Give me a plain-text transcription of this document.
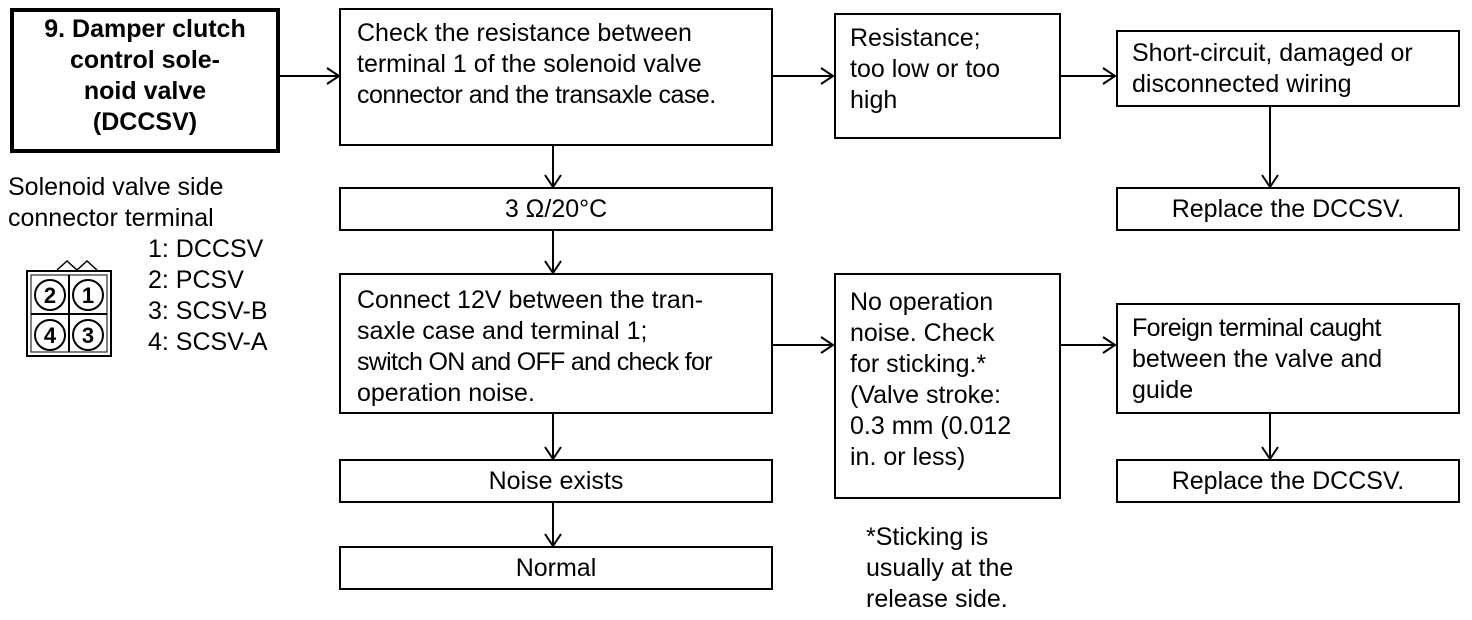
2 1
4 3
9. Damper clutch
control sole-
noid valve
(DCCSV)
Solenoid valve side
connector terminal
1: DCCSV
2: PCSV
3: SCSV-B
4: SCSV-A
Check the resistance between
terminal 1 of the solenoid valve
connector and the transaxle case.
Resistance;
too low or too
high
Short-circuit, damaged or
disconnected wiring
Replace the DCCSV.
3 Ω/20°C
Connect 12V between the tran-
saxle case and terminal 1;
switch ON and OFF and check for
operation noise.
No operation
noise. Check
for sticking.*
(Valve stroke:
0.3 mm (0.012
in. or less)
Foreign terminal caught
between the valve and
guide
Replace the DCCSV.
Noise exists
Normal
*Sticking is
usually at the
release side.
